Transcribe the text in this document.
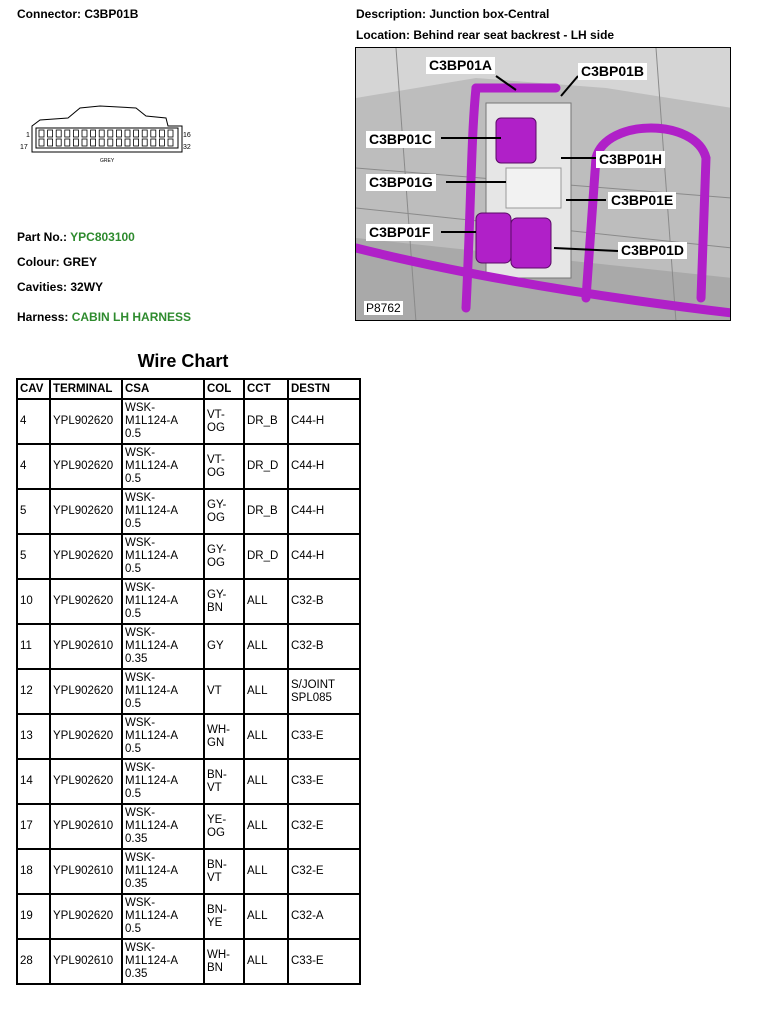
Connector: C3BP01B	Description: Junction box-Central
Location: Behind rear seat backrest - LH side
1
17
16
32
GREY
Part No.: YPC803100
Colour: GREY
Cavities: 32WY
Harness: CABIN LH HARNESS
C3BP01A	C3BP01B
C3BP01C
C3BP01H
C3BP01G
C3BP01E
C3BP01F
C3BP01D
P8762
Wire Chart
CAV	TERMINAL	CSA	COL	CCT	DESTN
4	YPL902620	WSK-
M1L124-A
0.5	VT-
OG	DR_B	C44-H
4	YPL902620	WSK-
M1L124-A
0.5	VT-
OG	DR_D	C44-H
5	YPL902620	WSK-
M1L124-A
0.5	GY-
OG	DR_B	C44-H
5	YPL902620	WSK-
M1L124-A
0.5	GY-
OG	DR_D	C44-H
10	YPL902620	WSK-
M1L124-A
0.5	GY-
BN	ALL	C32-B
11	YPL902610	WSK-
M1L124-A
0.35	GY	ALL	C32-B
12	YPL902620	WSK-
M1L124-A
0.5	VT	ALL	S/JOINT
SPL085
13	YPL902620	WSK-
M1L124-A
0.5	WH-
GN	ALL	C33-E
14	YPL902620	WSK-
M1L124-A
0.5	BN-
VT	ALL	C33-E
17	YPL902610	WSK-
M1L124-A
0.35	YE-
OG	ALL	C32-E
18	YPL902610	WSK-
M1L124-A
0.35	BN-
VT	ALL	C32-E
19	YPL902620	WSK-
M1L124-A
0.5	BN-
YE	ALL	C32-A
28	YPL902610	WSK-
M1L124-A
0.35	WH-
BN	ALL	C33-E
